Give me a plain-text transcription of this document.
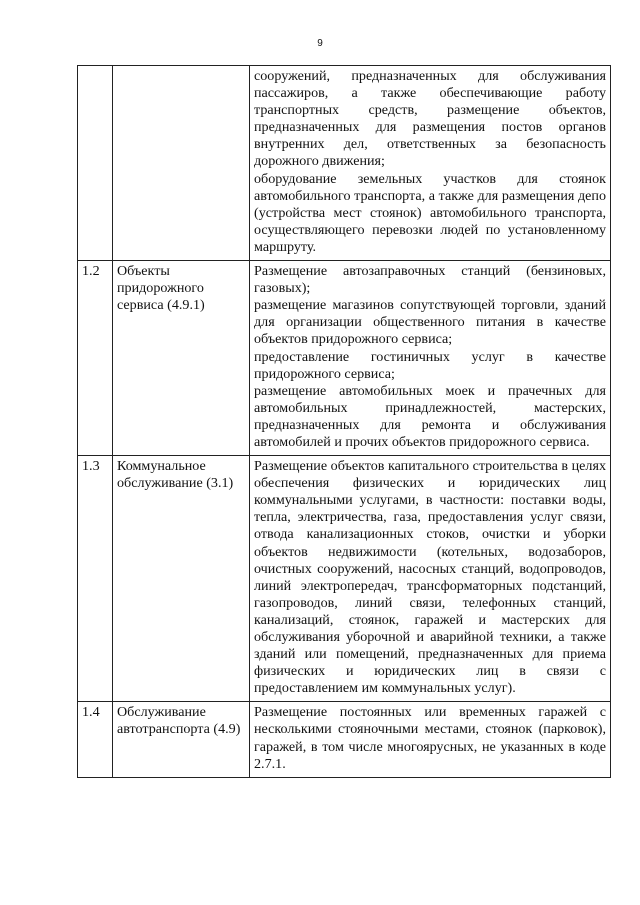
9

		сооружений, предназначенных для обслуживания пассажиров, а также обеспечивающие работу транспортных средств, размещение объектов, предназначенных для размещения постов органов внутренних дел, ответственных за безопасность дорожного движения;
оборудование земельных участков для стоянок автомобильного транспорта, а также для размещения депо (устройства мест стоянок) автомобильного транспорта, осуществляющего перевозки людей по установленному маршруту.

1.2	Объекты придорожного сервиса (4.9.1)	Размещение автозаправочных станций (бензиновых, газовых);
размещение магазинов сопутствующей торговли, зданий для организации общественного питания в качестве объектов придорожного сервиса;
предоставление гостиничных услуг в качестве придорожного сервиса;
размещение автомобильных моек и прачечных для автомобильных принадлежностей, мастерских, предназначенных для ремонта и обслуживания автомобилей и прочих объектов придорожного сервиса.

1.3	Коммунальное обслуживание (3.1)	Размещение объектов капитального строительства в целях обеспечения физических и юридических лиц коммунальными услугами, в частности: поставки воды, тепла, электричества, газа, предоставления услуг связи, отвода канализационных стоков, очистки и уборки объектов недвижимости (котельных, водозаборов, очистных сооружений, насосных станций, водопроводов, линий электропередач, трансформаторных подстанций, газопроводов, линий связи, телефонных станций, канализаций, стоянок, гаражей и мастерских для обслуживания уборочной и аварийной техники, а также зданий или помещений, предназначенных для приема физических и юридических лиц в связи с предоставлением им коммунальных услуг).

1.4	Обслуживание автотранспорта (4.9)	Размещение постоянных или временных гаражей с несколькими стояночными местами, стоянок (парковок), гаражей, в том числе многоярусных, не указанных в коде 2.7.1.
